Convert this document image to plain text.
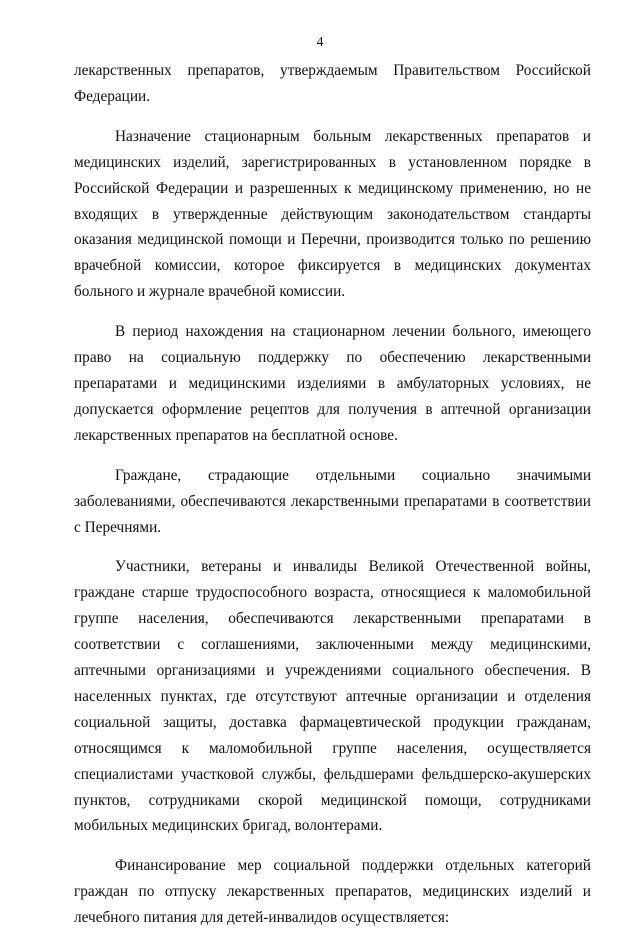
4

лекарственных препаратов, утверждаемым Правительством Российской Федерации.

Назначение стационарным больным лекарственных препаратов и медицинских изделий, зарегистрированных в установленном порядке в Российской Федерации и разрешенных к медицинскому применению, но не входящих в утвержденные действующим законодательством стандарты оказания медицинской помощи и Перечни, производится только по решению врачебной комиссии, которое фиксируется в медицинских документах больного и журнале врачебной комиссии.

В период нахождения на стационарном лечении больного, имеющего право на социальную поддержку по обеспечению лекарственными препаратами и медицинскими изделиями в амбулаторных условиях, не допускается оформление рецептов для получения в аптечной организации лекарственных препаратов на бесплатной основе.

Граждане, страдающие отдельными социально значимыми заболеваниями, обеспечиваются лекарственными препаратами в соответствии с Перечнями.

Участники, ветераны и инвалиды Великой Отечественной войны, граждане старше трудоспособного возраста, относящиеся к маломобильной группе населения, обеспечиваются лекарственными препаратами в соответствии с соглашениями, заключенными между медицинскими, аптечными организациями и учреждениями социального обеспечения. В населенных пунктах, где отсутствуют аптечные организации и отделения социальной защиты, доставка фармацевтической продукции гражданам, относящимся к маломобильной группе населения, осуществляется специалистами участковой службы, фельдшерами фельдшерско-акушерских пунктов, сотрудниками скорой медицинской помощи, сотрудниками мобильных медицинских бригад, волонтерами.

Финансирование мер социальной поддержки отдельных категорий граждан по отпуску лекарственных препаратов, медицинских изделий и лечебного питания для детей-инвалидов осуществляется:
